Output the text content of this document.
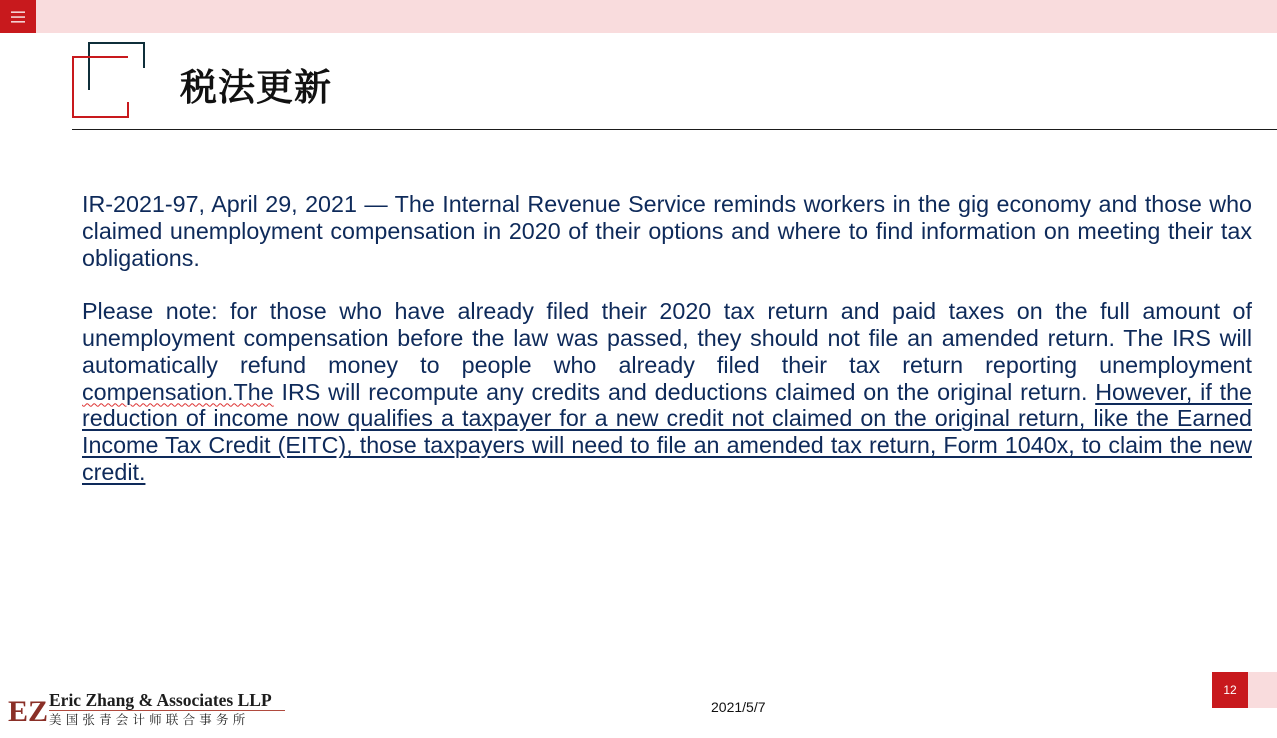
税法更新

IR-2021-97, April 29, 2021 — The Internal Revenue Service reminds workers in the gig economy and those who claimed unemployment compensation in 2020 of their options and where to find information on meeting their tax obligations.

Please note: for those who have already filed their 2020 tax return and paid taxes on the full amount of unemployment compensation before the law was passed, they should not file an amended return. The IRS will automatically refund money to people who already filed their tax return reporting unemployment compensation.The IRS will recompute any credits and deductions claimed on the original return. However, if the reduction of income now qualifies a taxpayer for a new credit not claimed on the original return, like the Earned Income Tax Credit (EITC), those taxpayers will need to file an amended tax return, Form 1040x, to claim the new credit.

EZ Eric Zhang & Associates LLP
美国张青会计师联合事务所
2021/5/7
12
